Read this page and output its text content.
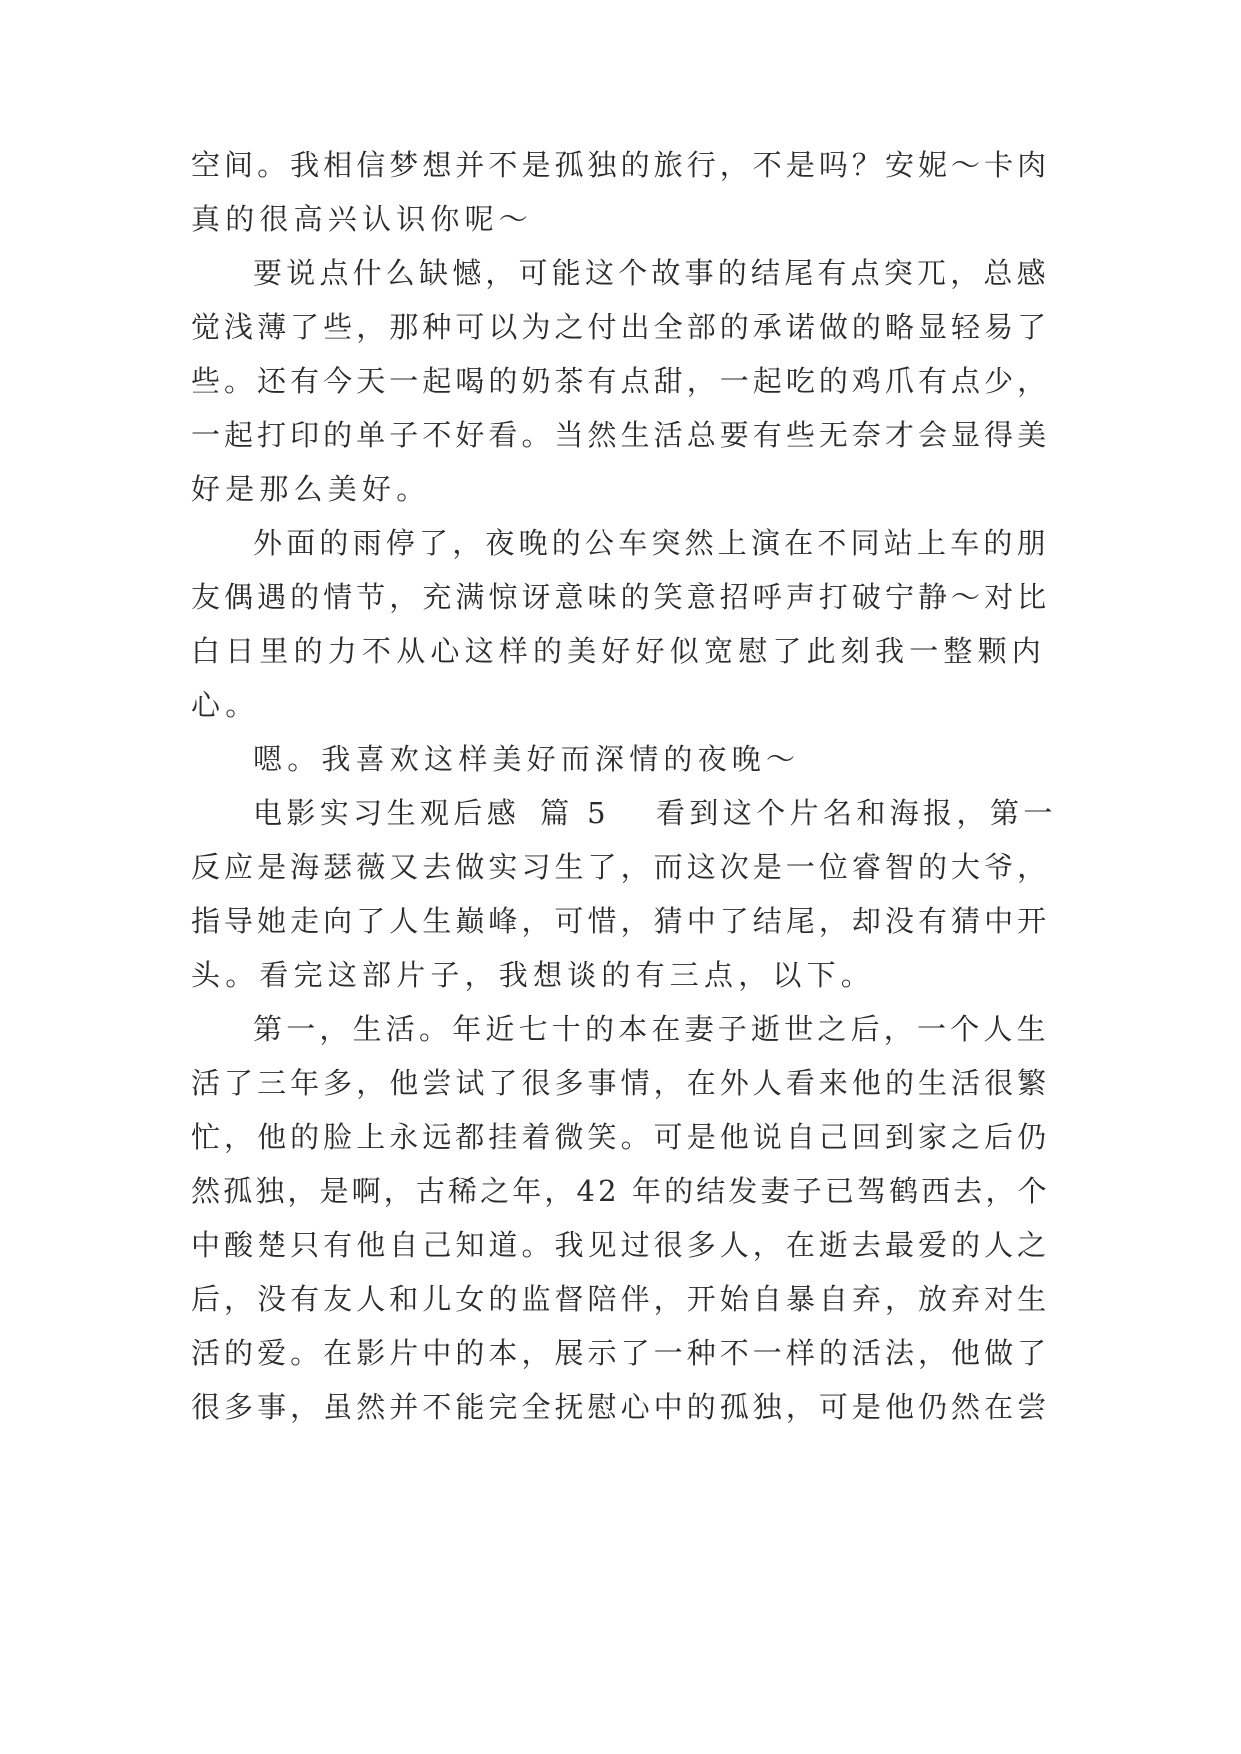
空间。我相信梦想并不是孤独的旅行，不是吗？安妮～卡肉
真的很高兴认识你呢～
要说点什么缺憾，可能这个故事的结尾有点突兀，总感
觉浅薄了些，那种可以为之付出全部的承诺做的略显轻易了
些。还有今天一起喝的奶茶有点甜，一起吃的鸡爪有点少，
一起打印的单子不好看。当然生活总要有些无奈才会显得美
好是那么美好。
外面的雨停了，夜晚的公车突然上演在不同站上车的朋
友偶遇的情节，充满惊讶意味的笑意招呼声打破宁静～对比
白日里的力不从心这样的美好好似宽慰了此刻我一整颗内
心。
嗯。我喜欢这样美好而深情的夜晚～
电影实习生观后感 篇 5 看到这个片名和海报，第一
反应是海瑟薇又去做实习生了，而这次是一位睿智的大爷，
指导她走向了人生巅峰，可惜，猜中了结尾，却没有猜中开
头。看完这部片子，我想谈的有三点，以下。
第一，生活。年近七十的本在妻子逝世之后，一个人生
活了三年多，他尝试了很多事情，在外人看来他的生活很繁
忙，他的脸上永远都挂着微笑。可是他说自己回到家之后仍
然孤独，是啊，古稀之年，42 年的结发妻子已驾鹤西去，个
中酸楚只有他自己知道。我见过很多人，在逝去最爱的人之
后，没有友人和儿女的监督陪伴，开始自暴自弃，放弃对生
活的爱。在影片中的本，展示了一种不一样的活法，他做了
很多事，虽然并不能完全抚慰心中的孤独，可是他仍然在尝
